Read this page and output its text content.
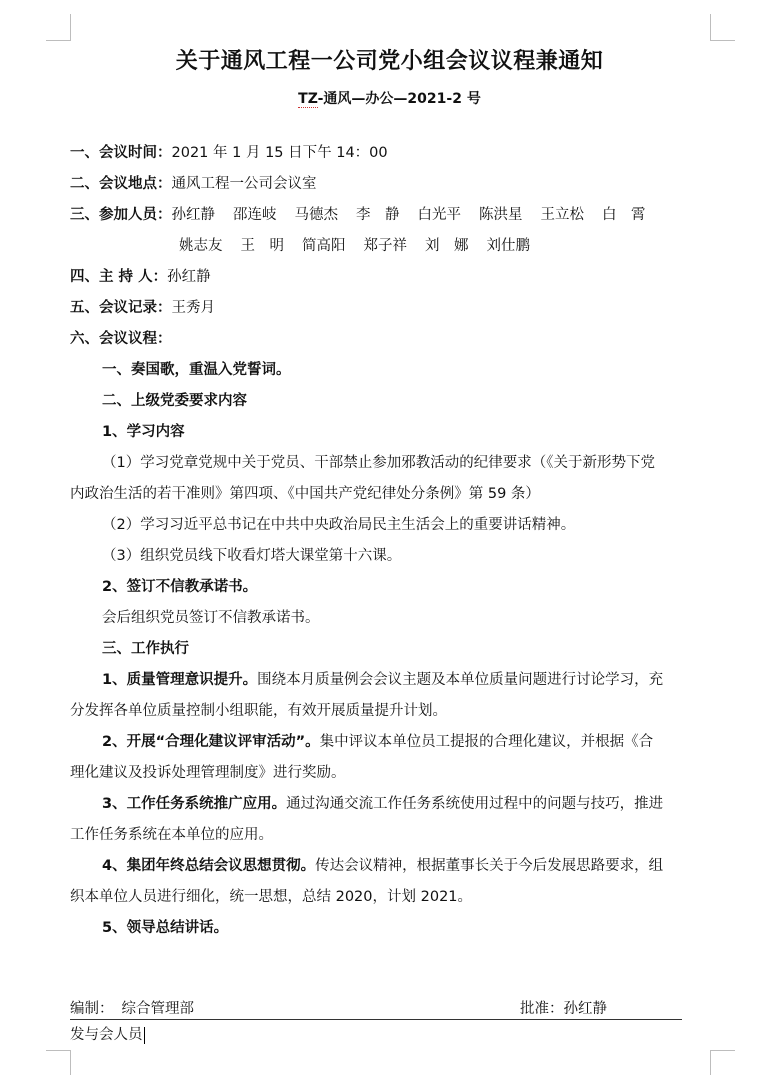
关于通风工程一公司党小组会议议程兼通知
TZ-通风—办公—2021-2 号
一、会议时间：2021 年 1 月 15 日下午 14：00
二、会议地点：通风工程一公司会议室
三、参加人员：孙红静 邵连岐 马德杰 李　静 白光平 陈洪星 王立松 白　霄
姚志友 王　明 简高阳 郑子祥 刘　娜 刘仕鹏
四、主 持 人：孙红静
五、会议记录：王秀月
六、会议议程：
一、奏国歌，重温入党誓词。
二、上级党委要求内容
1、学习内容
（1）学习党章党规中关于党员、干部禁止参加邪教活动的纪律要求（《关于新形势下党
内政治生活的若干准则》第四项、《中国共产党纪律处分条例》第 59 条）
（2）学习习近平总书记在中共中央政治局民主生活会上的重要讲话精神。
（3）组织党员线下收看灯塔大课堂第十六课。
2、签订不信教承诺书。
会后组织党员签订不信教承诺书。
三、工作执行
1、质量管理意识提升。围绕本月质量例会会议主题及本单位质量问题进行讨论学习，充
分发挥各单位质量控制小组职能，有效开展质量提升计划。
2、开展“合理化建议评审活动”。集中评议本单位员工提报的合理化建议，并根据《合
理化建议及投诉处理管理制度》进行奖励。
3、工作任务系统推广应用。通过沟通交流工作任务系统使用过程中的问题与技巧，推进
工作任务系统在本单位的应用。
4、集团年终总结会议思想贯彻。传达会议精神，根据董事长关于今后发展思路要求，组
织本单位人员进行细化，统一思想，总结 2020，计划 2021。
5、领导总结讲话。
编制： 综合管理部	批准：孙红静
发与会人员
